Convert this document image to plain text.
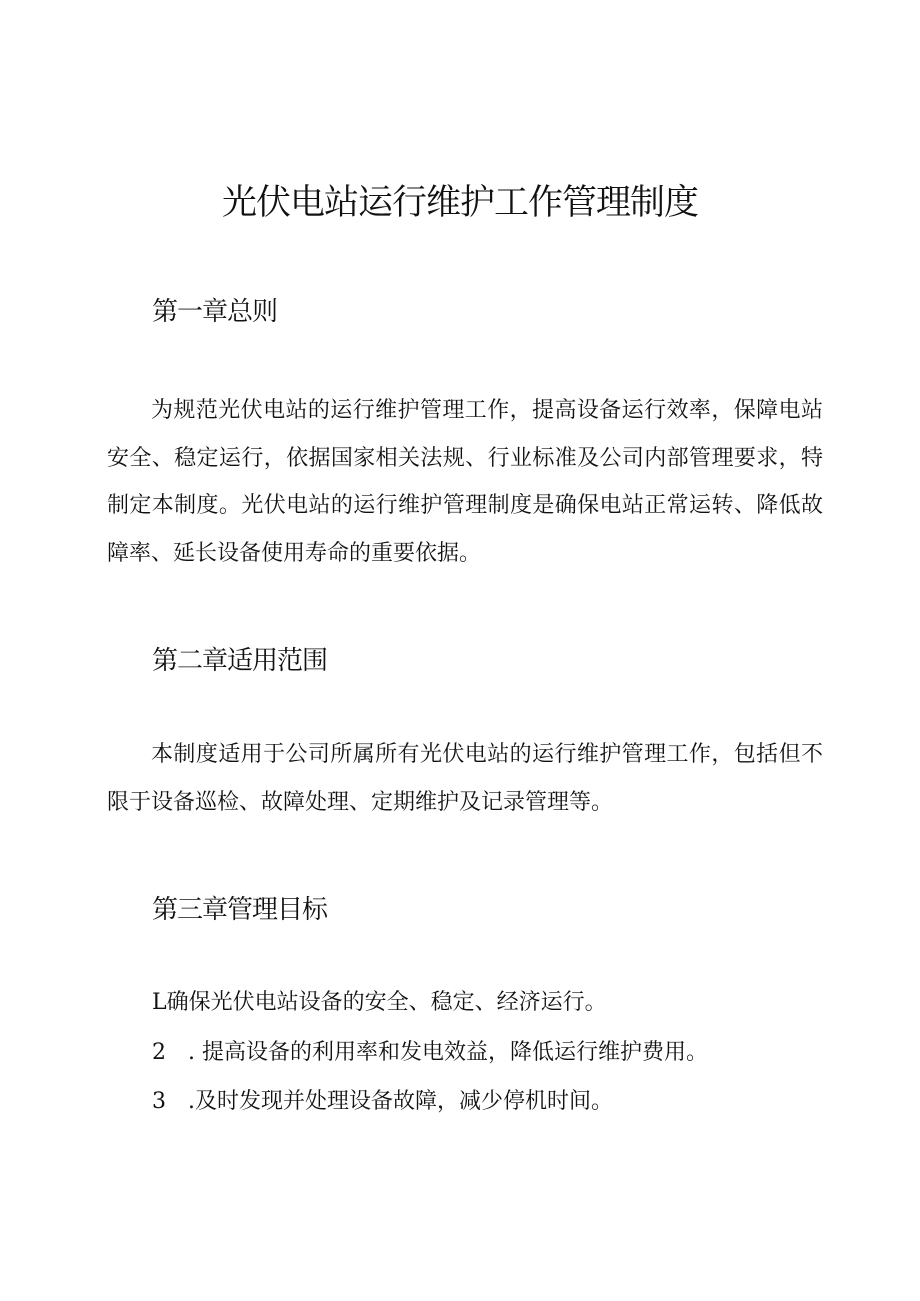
光伏电站运行维护工作管理制度
第一章总则

为规范光伏电站的运行维护管理工作，提高设备运行效率，保障电站安全、稳定运行，依据国家相关法规、行业标准及公司内部管理要求，特制定本制度。光伏电站的运行维护管理制度是确保电站正常运转、降低故障率、延长设备使用寿命的重要依据。

第二章适用范围

本制度适用于公司所属所有光伏电站的运行维护管理工作，包括但不限于设备巡检、故障处理、定期维护及记录管理等。

第三章管理目标

L确保光伏电站设备的安全、稳定、经济运行。

2　. 提高设备的利用率和发电效益，降低运行维护费用。

3　.及时发现并处理设备故障，减少停机时间。
